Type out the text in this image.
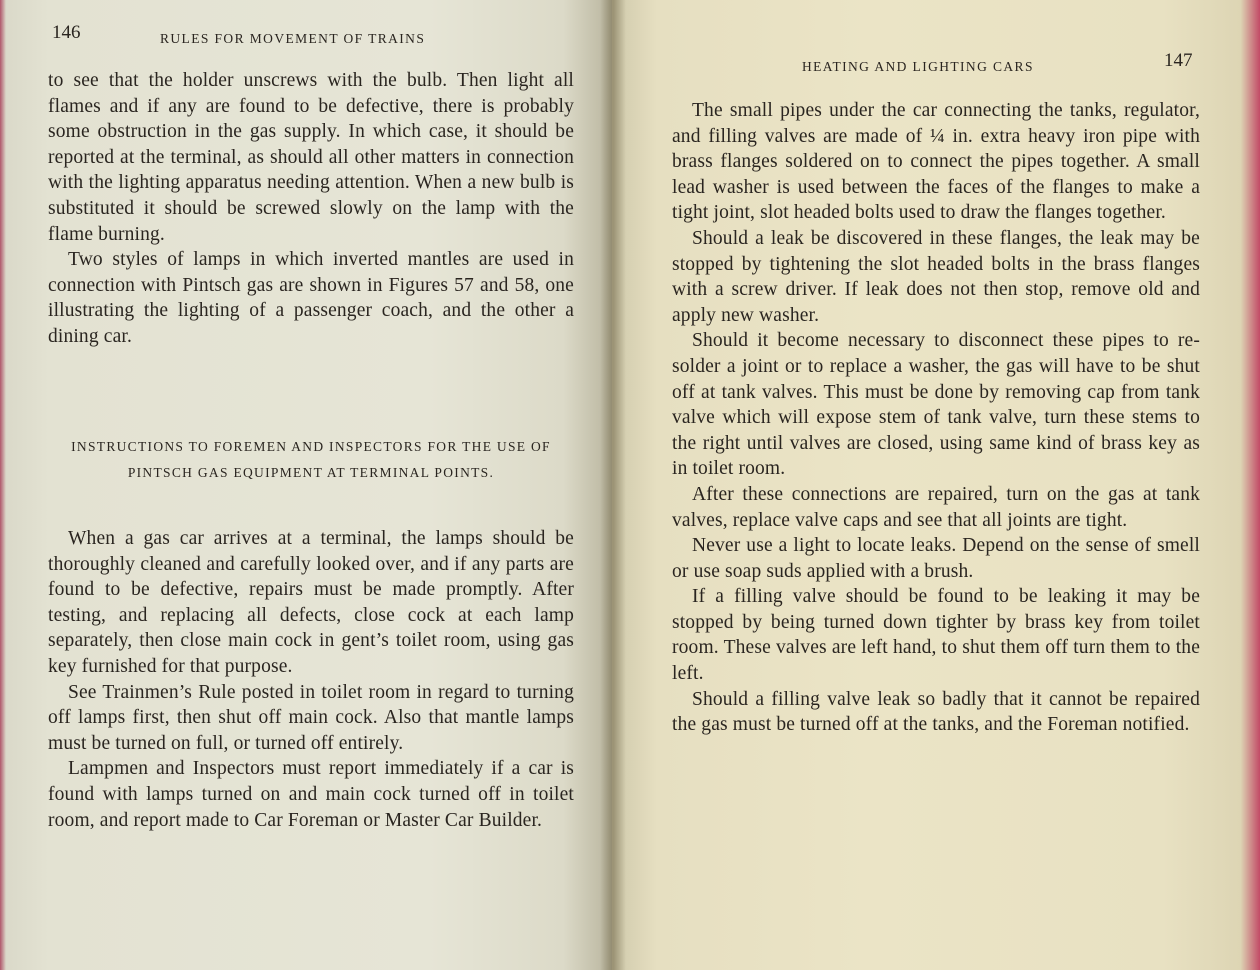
146	RULES FOR MOVEMENT OF TRAINS

to see that the holder unscrews with the bulb. Then light all flames and if any are found to be defective, there is probably some obstruction in the gas supply. In which case, it should be reported at the terminal, as should all other matters in connection with the lighting apparatus needing attention. When a new bulb is substituted it should be screwed slowly on the lamp with the flame burning.

Two styles of lamps in which inverted mantles are used in connection with Pintsch gas are shown in Figures 57 and 58, one illustrating the lighting of a passenger coach, and the other a dining car.

INSTRUCTIONS TO FOREMEN AND INSPECTORS FOR THE USE OF PINTSCH GAS EQUIPMENT AT TERMINAL POINTS.

When a gas car arrives at a terminal, the lamps should be thoroughly cleaned and carefully looked over, and if any parts are found to be defective, repairs must be made promptly. After testing, and replacing all defects, close cock at each lamp separately, then close main cock in gent’s toilet room, using gas key furnished for that purpose.

See Trainmen’s Rule posted in toilet room in regard to turning off lamps first, then shut off main cock. Also that mantle lamps must be turned on full, or turned off entirely.

Lampmen and Inspectors must report immediately if a car is found with lamps turned on and main cock turned off in toilet room, and report made to Car Foreman or Master Car Builder.

HEATING AND LIGHTING CARS	147

The small pipes under the car connecting the tanks, regulator, and filling valves are made of ¼ in. extra heavy iron pipe with brass flanges soldered on to connect the pipes together. A small lead washer is used between the faces of the flanges to make a tight joint, slot headed bolts used to draw the flanges together.

Should a leak be discovered in these flanges, the leak may be stopped by tightening the slot headed bolts in the brass flanges with a screw driver. If leak does not then stop, remove old and apply new washer.

Should it become necessary to disconnect these pipes to re-solder a joint or to replace a washer, the gas will have to be shut off at tank valves. This must be done by removing cap from tank valve which will expose stem of tank valve, turn these stems to the right until valves are closed, using same kind of brass key as in toilet room.

After these connections are repaired, turn on the gas at tank valves, replace valve caps and see that all joints are tight.

Never use a light to locate leaks. Depend on the sense of smell or use soap suds applied with a brush.

If a filling valve should be found to be leaking it may be stopped by being turned down tighter by brass key from toilet room. These valves are left hand, to shut them off turn them to the left.

Should a filling valve leak so badly that it cannot be repaired the gas must be turned off at the tanks, and the Foreman notified.
